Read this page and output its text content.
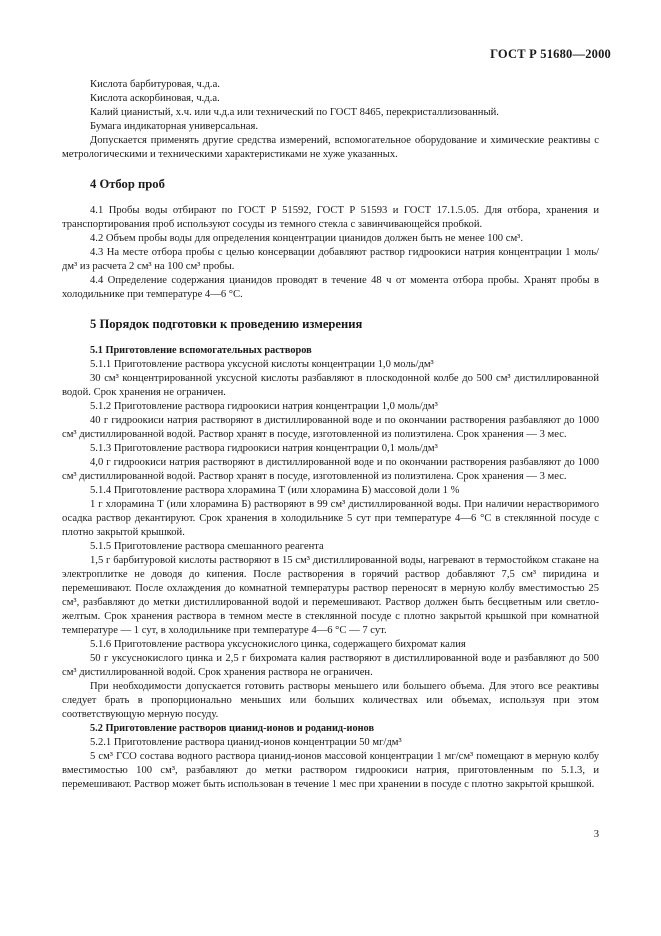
ГОСТ Р 51680—2000

Кислота барбитуровая, ч.д.а.

Кислота аскорбиновая, ч.д.а.

Калий цианистый, х.ч. или ч.д.а или технический по ГОСТ 8465, перекристаллизованный.

Бумага индикаторная универсальная.

Допускается применять другие средства измерений, вспомогательное оборудование и химические реактивы с метрологическими и техническими характеристиками не хуже указанных.

4 Отбор проб

4.1 Пробы воды отбирают по ГОСТ Р 51592, ГОСТ Р 51593 и ГОСТ 17.1.5.05. Для отбора, хранения и транспортирования проб используют сосуды из темного стекла с завинчивающейся пробкой.

4.2 Объем пробы воды для определения концентрации цианидов должен быть не менее 100 см³.

4.3 На месте отбора пробы с целью консервации добавляют раствор гидроокиси натрия концентрации 1 моль/дм³ из расчета 2 см³ на 100 см³ пробы.

4.4 Определение содержания цианидов проводят в течение 48 ч от момента отбора пробы. Хранят пробы в холодильнике при температуре 4—6 °С.

5 Порядок подготовки к проведению измерения

5.1 Приготовление вспомогательных растворов

5.1.1 Приготовление раствора уксусной кислоты концентрации 1,0 моль/дм³

30 см³ концентрированной уксусной кислоты разбавляют в плоскодонной колбе до 500 см³ дистиллированной водой. Срок хранения не ограничен.

5.1.2 Приготовление раствора гидроокиси натрия концентрации 1,0 моль/дм³

40 г гидроокиси натрия растворяют в дистиллированной воде и по окончании растворения разбавляют до 1000 см³ дистиллированной водой. Раствор хранят в посуде, изготовленной из полиэтилена. Срок хранения — 3 мес.

5.1.3 Приготовление раствора гидроокиси натрия концентрации 0,1 моль/дм³

4,0 г гидроокиси натрия растворяют в дистиллированной воде и по окончании растворения разбавляют до 1000 см³ дистиллированной водой. Раствор хранят в посуде, изготовленной из полиэтилена. Срок хранения — 3 мес.

5.1.4 Приготовление раствора хлорамина Т (или хлорамина Б) массовой доли 1 %

1 г хлорамина Т (или хлорамина Б) растворяют в 99 см³ дистиллированной воды. При наличии нерастворимого осадка раствор декантируют. Срок хранения в холодильнике 5 сут при температуре 4—6 °С в стеклянной посуде с плотно закрытой крышкой.

5.1.5 Приготовление раствора смешанного реагента

1,5 г барбитуровой кислоты растворяют в 15 см³ дистиллированной воды, нагревают в термостойком стакане на электроплитке не доводя до кипения. После растворения в горячий раствор добавляют 7,5 см³ пиридина и перемешивают. После охлаждения до комнатной температуры раствор переносят в мерную колбу вместимостью 25 см³, разбавляют до метки дистиллированной водой и перемешивают. Раствор должен быть бесцветным или светло-желтым. Срок хранения раствора в темном месте в стеклянной посуде с плотно закрытой крышкой при комнатной температуре — 1 сут, в холодильнике при температуре 4—6 °С — 7 сут.

5.1.6 Приготовление раствора уксуснокислого цинка, содержащего бихромат калия

50 г уксуснокислого цинка и 2,5 г бихромата калия растворяют в дистиллированной воде и разбавляют до 500 см³ дистиллированной водой. Срок хранения раствора не ограничен.

При необходимости допускается готовить растворы меньшего или большего объема. Для этого все реактивы следует брать в пропорционально меньших или больших количествах или объемах, используя при этом соответствующую мерную посуду.

5.2 Приготовление растворов цианид-ионов и роданид-ионов

5.2.1 Приготовление раствора цианид-ионов концентрации 50 мг/дм³

5 см³ ГСО состава водного раствора цианид-ионов массовой концентрации 1 мг/см³ помещают в мерную колбу вместимостью 100 см³, разбавляют до метки раствором гидроокиси натрия, приготовленным по 5.1.3, и перемешивают. Раствор может быть использован в течение 1 мес при хранении в посуде с плотно закрытой крышкой.

3
